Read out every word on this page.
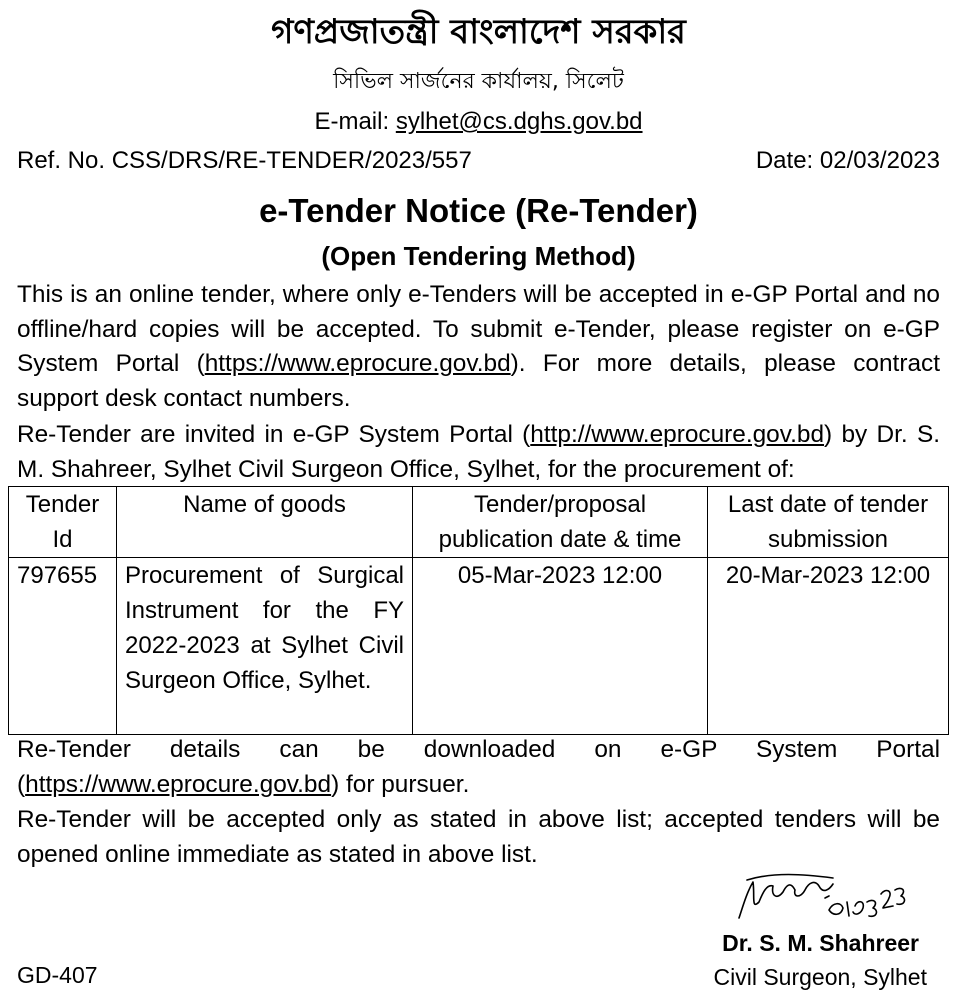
গণপ্রজাতন্ত্রী বাংলাদেশ সরকার
সিভিল সার্জনের কার্যালয়, সিলেট
E-mail: sylhet@cs.dghs.gov.bd
Ref. No. CSS/DRS/RE-TENDER/2023/557	Date: 02/03/2023
e-Tender Notice (Re-Tender)
(Open Tendering Method)
This is an online tender, where only e-Tenders will be accepted in e-GP Portal and no offline/hard copies will be accepted. To submit e-Tender, please register on e-GP System Portal (https://www.eprocure.gov.bd). For more details, please contract support desk contact numbers.
Re-Tender are invited in e-GP System Portal (http://www.eprocure.gov.bd) by Dr. S. M. Shahreer, Sylhet Civil Surgeon Office, Sylhet, for the procurement of:
Tender Id	Name of goods	Tender/proposal publication date & time	Last date of tender submission
797655	Procurement of Surgical Instrument for the FY 2022-2023 at Sylhet Civil Surgeon Office, Sylhet.	05-Mar-2023 12:00	20-Mar-2023 12:00
Re-Tender details can be downloaded on e-GP System Portal (https://www.eprocure.gov.bd) for pursuer.
Re-Tender will be accepted only as stated in above list; accepted tenders will be opened online immediate as stated in above list.
Dr. S. M. Shahreer
Civil Surgeon, Sylhet
GD-407
